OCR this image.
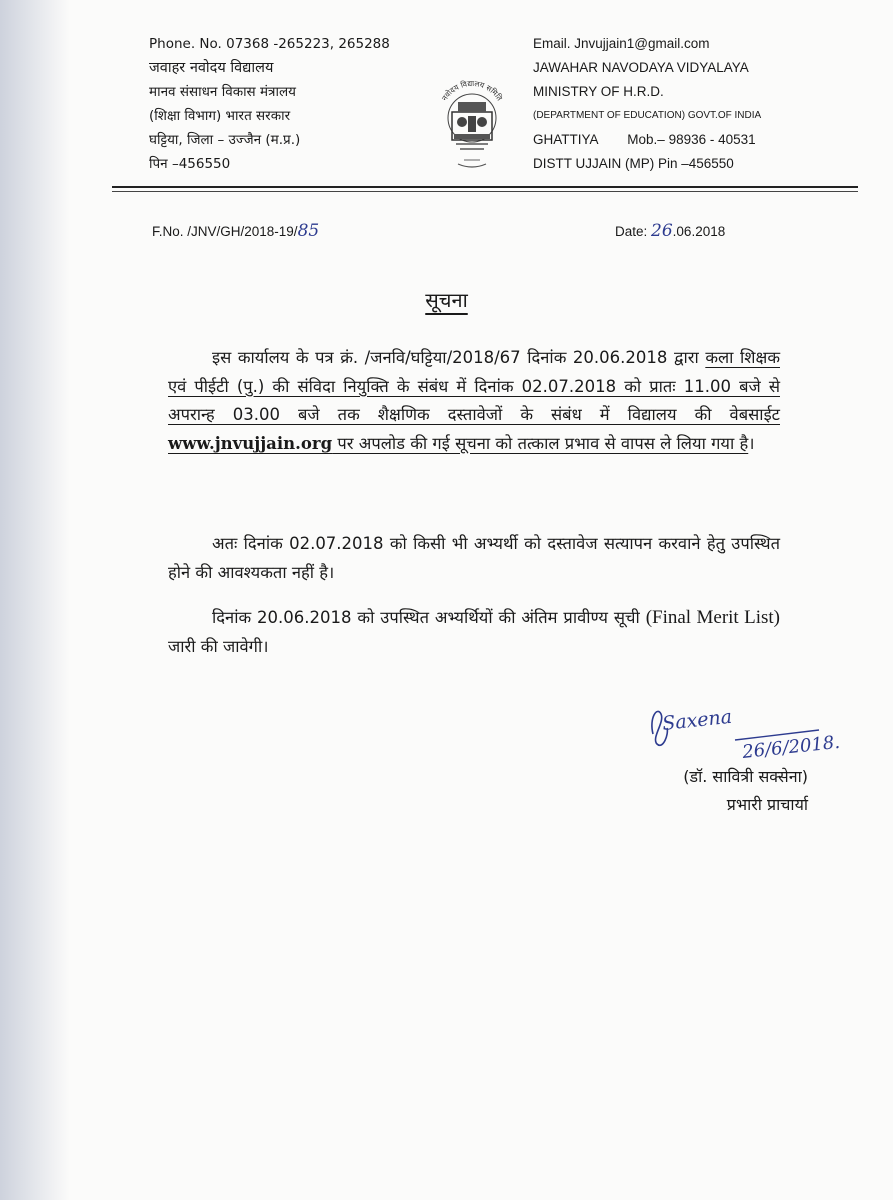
Phone. No. 07368 -265223, 265288
जवाहर नवोदय विद्यालय
मानव संसाधन विकास मंत्रालय
(शिक्षा विभाग) भारत सरकार
घट्टिया, जिला – उज्जैन (म.प्र.)
पिन –456550
नवोदय विद्यालय समिति
Email. Jnvujjain1@gmail.com
JAWAHAR NAVODAYA VIDYALAYA
MINISTRY OF H.R.D.
(DEPARTMENT OF EDUCATION) GOVT.OF INDIA
GHATTIYA Mob.– 98936 - 40531
DISTT UJJAIN (MP) Pin –456550
F.No. /JNV/GH/2018-19/85	Date: 26.06.2018
सूचना
इस कार्यालय के पत्र क्रं. /जनवि/घट्टिया/2018/67 दिनांक 20.06.2018 द्वारा कला शिक्षक एवं पीईटी (पु.) की संविदा नियुक्ति के संबंध में दिनांक 02.07.2018 को प्रातः 11.00 बजे से अपरान्ह 03.00 बजे तक शैक्षणिक दस्तावेजों के संबंध में विद्यालय की वेबसाईट www.jnvujjain.org पर अपलोड की गई सूचना को तत्काल प्रभाव से वापस ले लिया गया है।
अतः दिनांक 02.07.2018 को किसी भी अभ्यर्थी को दस्तावेज सत्यापन करवाने हेतु उपस्थित होने की आवश्यकता नहीं है।
दिनांक 20.06.2018 को उपस्थित अभ्यर्थियों की अंतिम प्रावीण्य सूची (Final Merit List) जारी की जावेगी।
Saxena
26/6/2018.
(डॉ. सावित्री सक्सेना)
प्रभारी प्राचार्या
